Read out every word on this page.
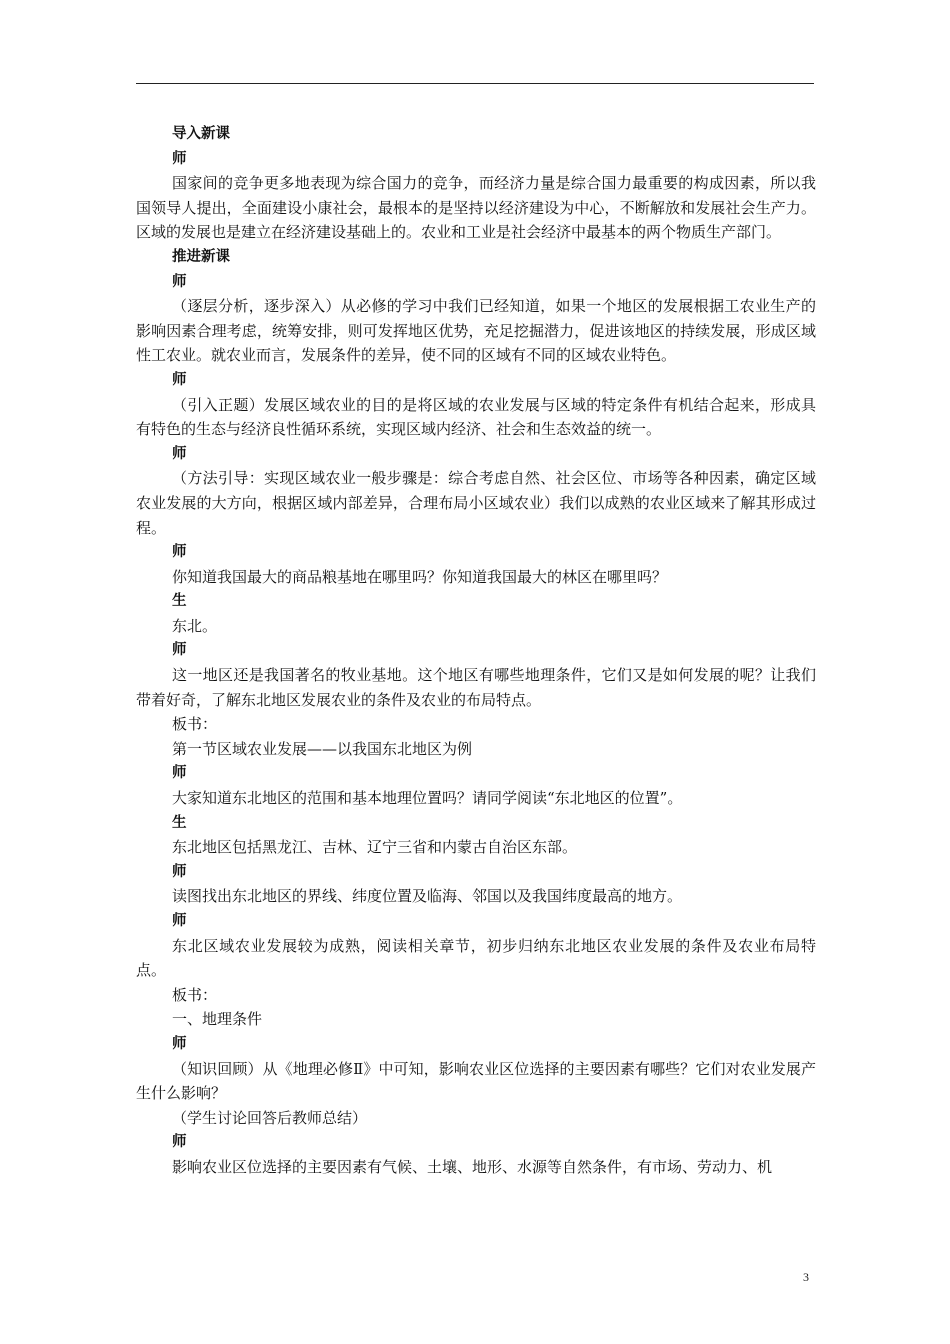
导入新课

师

国家间的竞争更多地表现为综合国力的竞争，而经济力量是综合国力最重要的构成因素，所以我国领导人提出，全面建设小康社会，最根本的是坚持以经济建设为中心，不断解放和发展社会生产力。区域的发展也是建立在经济建设基础上的。农业和工业是社会经济中最基本的两个物质生产部门。

推进新课

师

（逐层分析，逐步深入）从必修的学习中我们已经知道，如果一个地区的发展根据工农业生产的影响因素合理考虑，统筹安排，则可发挥地区优势，充足挖掘潜力，促进该地区的持续发展，形成区域性工农业。就农业而言，发展条件的差异，使不同的区域有不同的区域农业特色。

师

（引入正题）发展区域农业的目的是将区域的农业发展与区域的特定条件有机结合起来，形成具有特色的生态与经济良性循环系统，实现区域内经济、社会和生态效益的统一。

师

（方法引导：实现区域农业一般步骤是：综合考虑自然、社会区位、市场等各种因素，确定区域农业发展的大方向，根据区域内部差异，合理布局小区域农业）我们以成熟的农业区域来了解其形成过程。

师

你知道我国最大的商品粮基地在哪里吗？你知道我国最大的林区在哪里吗？

生

东北。

师

这一地区还是我国著名的牧业基地。这个地区有哪些地理条件，它们又是如何发展的呢？让我们带着好奇，了解东北地区发展农业的条件及农业的布局特点。

板书：

第一节区域农业发展——以我国东北地区为例

师

大家知道东北地区的范围和基本地理位置吗？请同学阅读“东北地区的位置”。

生

东北地区包括黑龙江、吉林、辽宁三省和内蒙古自治区东部。

师

读图找出东北地区的界线、纬度位置及临海、邻国以及我国纬度最高的地方。

师

东北区域农业发展较为成熟，阅读相关章节，初步归纳东北地区农业发展的条件及农业布局特点。

板书：

一、地理条件

师

（知识回顾）从《地理必修Ⅱ》中可知，影响农业区位选择的主要因素有哪些？它们对农业发展产生什么影响？

（学生讨论回答后教师总结）

师

影响农业区位选择的主要因素有气候、土壤、地形、水源等自然条件，有市场、劳动力、机

3
